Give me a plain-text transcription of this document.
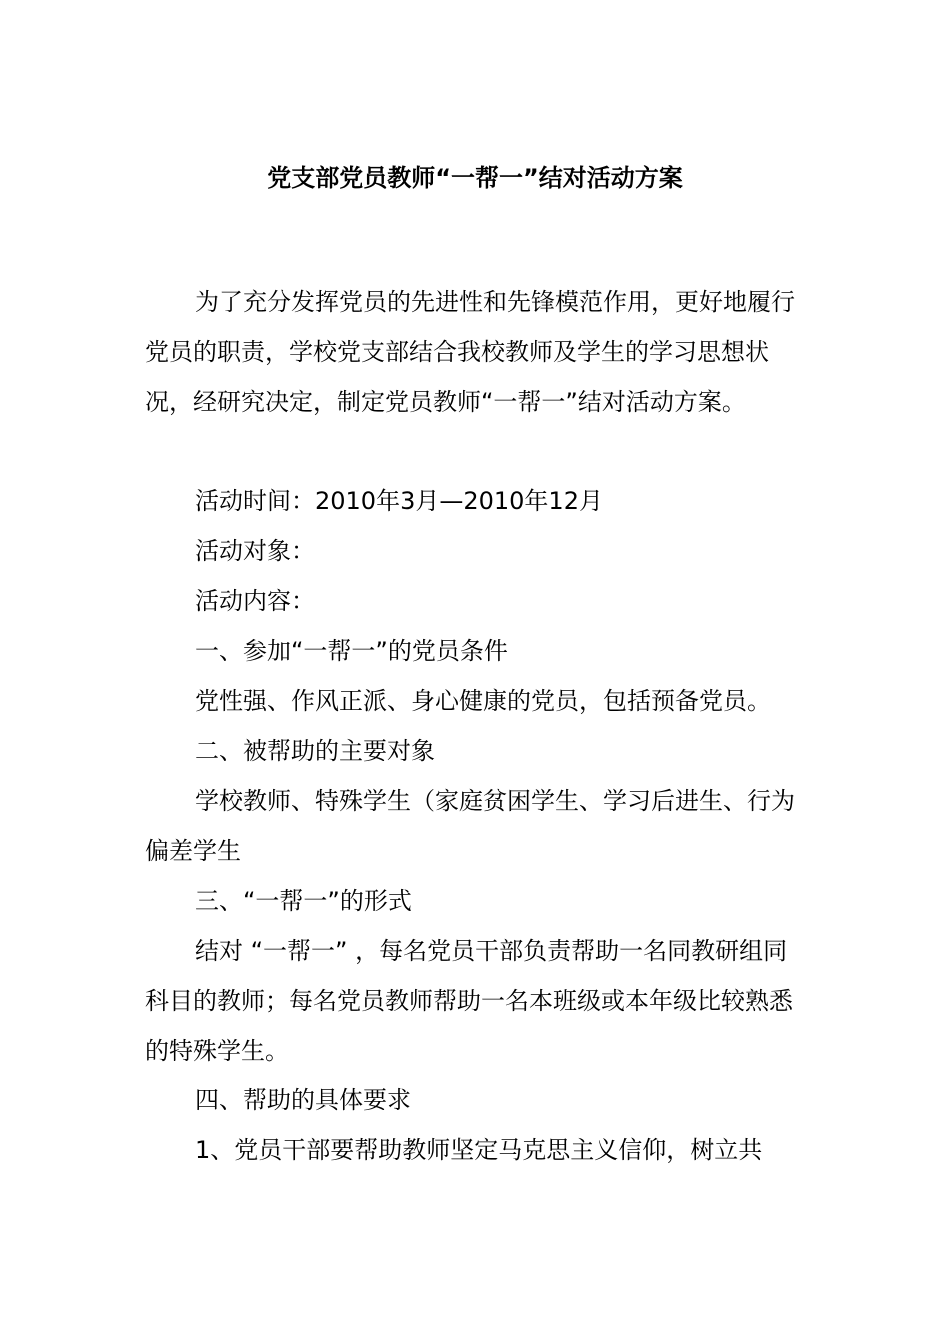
党支部党员教师“一帮一”结对活动方案
为了充分发挥党员的先进性和先锋模范作用，更好地履行党员的职责，学校党支部结合我校教师及学生的学习思想状况，经研究决定，制定党员教师“一帮一”结对活动方案。
活动时间：2010年3月—2010年12月
活动对象：
活动内容：
一、参加“一帮一”的党员条件
党性强、作风正派、身心健康的党员，包括预备党员。
二、被帮助的主要对象
学校教师、特殊学生（家庭贫困学生、学习后进生、行为偏差学生
三、“一帮一”的形式
结对 “一帮一” ，每名党员干部负责帮助一名同教研组同科目的教师；每名党员教师帮助一名本班级或本年级比较熟悉的特殊学生。
四、帮助的具体要求
1、党员干部要帮助教师坚定马克思主义信仰，树立共
